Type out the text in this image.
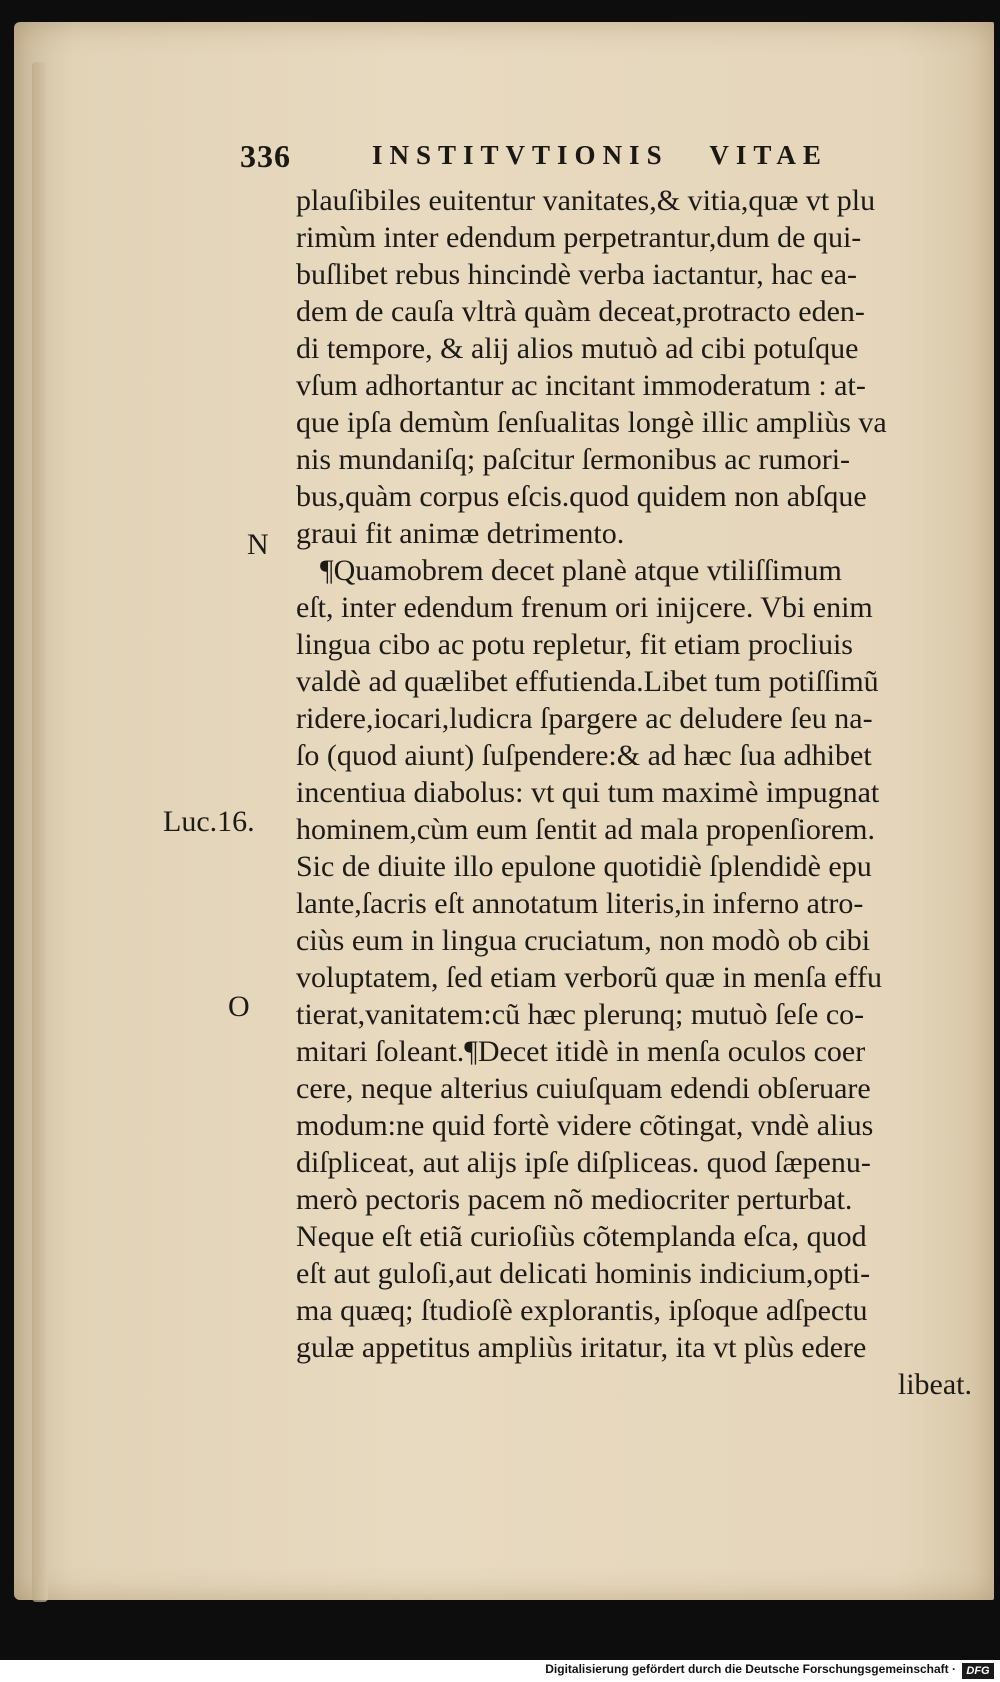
336	INSTITVTIONIS   VITAE
N
Luc.16.
O
plauſibiles euitentur vanitates,& vitia,quæ vt plu
rimùm inter edendum perpetrantur,dum de qui-
buſlibet rebus hincindè verba iactantur, hac ea-
dem de cauſa vltrà quàm deceat,protracto eden-
di tempore, & alij alios mutuò ad cibi potuſque
vſum adhortantur ac incitant immoderatum : at-
que ipſa demùm ſenſualitas longè illic ampliùs va
nis mundaniſq; paſcitur ſermonibus ac rumori-
bus,quàm corpus eſcis.quod quidem non abſque
graui fit animæ detrimento.
¶Quamobrem decet planè atque vtiliſſimum
eſt, inter edendum frenum ori inijcere. Vbi enim
lingua cibo ac potu repletur, fit etiam procliuis
valdè ad quælibet effutienda.Libet tum potiſſimũ
ridere,iocari,ludicra ſpargere ac deludere ſeu na-
ſo (quod aiunt) ſuſpendere:& ad hæc ſua adhibet
incentiua diabolus: vt qui tum maximè impugnat
hominem,cùm eum ſentit ad mala propenſiorem.
Sic de diuite illo epulone quotidiè ſplendidè epu
lante,ſacris eſt annotatum literis,in inferno atro-
ciùs eum in lingua cruciatum, non modò ob cibi
voluptatem, ſed etiam verborũ quæ in menſa effu
tierat,vanitatem:cũ hæc plerunq; mutuò ſeſe co-
mitari ſoleant.¶Decet itidè in menſa oculos coer
cere, neque alterius cuiuſquam edendi obſeruare
modum:ne quid fortè videre cõtingat, vndè alius
diſpliceat, aut alijs ipſe diſpliceas. quod ſæpenu-
merò pectoris pacem nõ mediocriter perturbat.
Neque eſt etiã curioſiùs cõtemplanda eſca, quod
eſt aut guloſi,aut delicati hominis indicium,opti-
ma quæq; ſtudioſè explorantis, ipſoque adſpectu
gulæ appetitus ampliùs iritatur, ita vt plùs edere
libeat.
Digitalisierung gefördert durch die Deutsche Forschungsgemeinschaft · DFG
